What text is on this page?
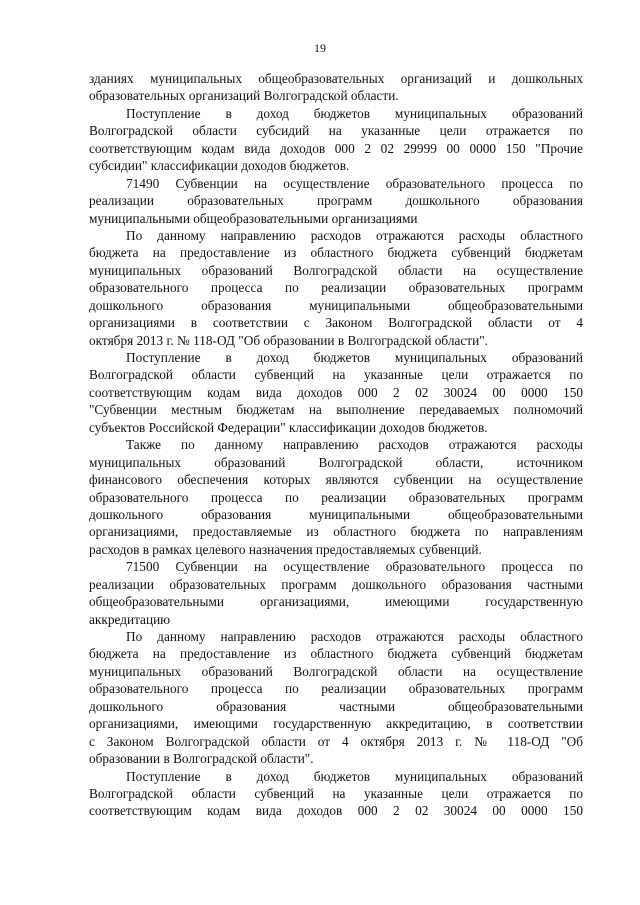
19
зданиях муниципальных общеобразовательных организаций и дошкольных
образовательных организаций Волгоградской области.
Поступление в доход бюджетов муниципальных образований
Волгоградской области субсидий на указанные цели отражается по
соответствующим кодам вида доходов 000 2 02 29999 00 0000 150 "Прочие
субсидии" классификации доходов бюджетов.
71490 Субвенции на осуществление образовательного процесса по
реализации образовательных программ дошкольного образования
муниципальными общеобразовательными организациями
По данному направлению расходов отражаются расходы областного
бюджета на предоставление из областного бюджета субвенций бюджетам
муниципальных образований Волгоградской области на осуществление
образовательного процесса по реализации образовательных программ
дошкольного образования муниципальными общеобразовательными
организациями в соответствии с Законом Волгоградской области от 4
октября 2013 г. № 118-ОД "Об образовании в Волгоградской области".
Поступление в доход бюджетов муниципальных образований
Волгоградской области субвенций на указанные цели отражается по
соответствующим кодам вида доходов 000 2 02 30024 00 0000 150
"Субвенции местным бюджетам на выполнение передаваемых полномочий
субъектов Российской Федерации" классификации доходов бюджетов.
Также по данному направлению расходов отражаются расходы
муниципальных образований Волгоградской области, источником
финансового обеспечения которых являются субвенции на осуществление
образовательного процесса по реализации образовательных программ
дошкольного образования муниципальными общеобразовательными
организациями, предоставляемые из областного бюджета по направлениям
расходов в рамках целевого назначения предоставляемых субвенций.
71500 Субвенции на осуществление образовательного процесса по
реализации образовательных программ дошкольного образования частными
общеобразовательными организациями, имеющими государственную
аккредитацию
По данному направлению расходов отражаются расходы областного
бюджета на предоставление из областного бюджета субвенций бюджетам
муниципальных образований Волгоградской области на осуществление
образовательного процесса по реализации образовательных программ
дошкольного образования частными общеобразовательными
организациями, имеющими государственную аккредитацию, в соответствии
с Законом Волгоградской области от 4 октября 2013 г. № 118-ОД "Об
образовании в Волгоградской области".
Поступление в доход бюджетов муниципальных образований
Волгоградской области субвенций на указанные цели отражается по
соответствующим кодам вида доходов 000 2 02 30024 00 0000 150
